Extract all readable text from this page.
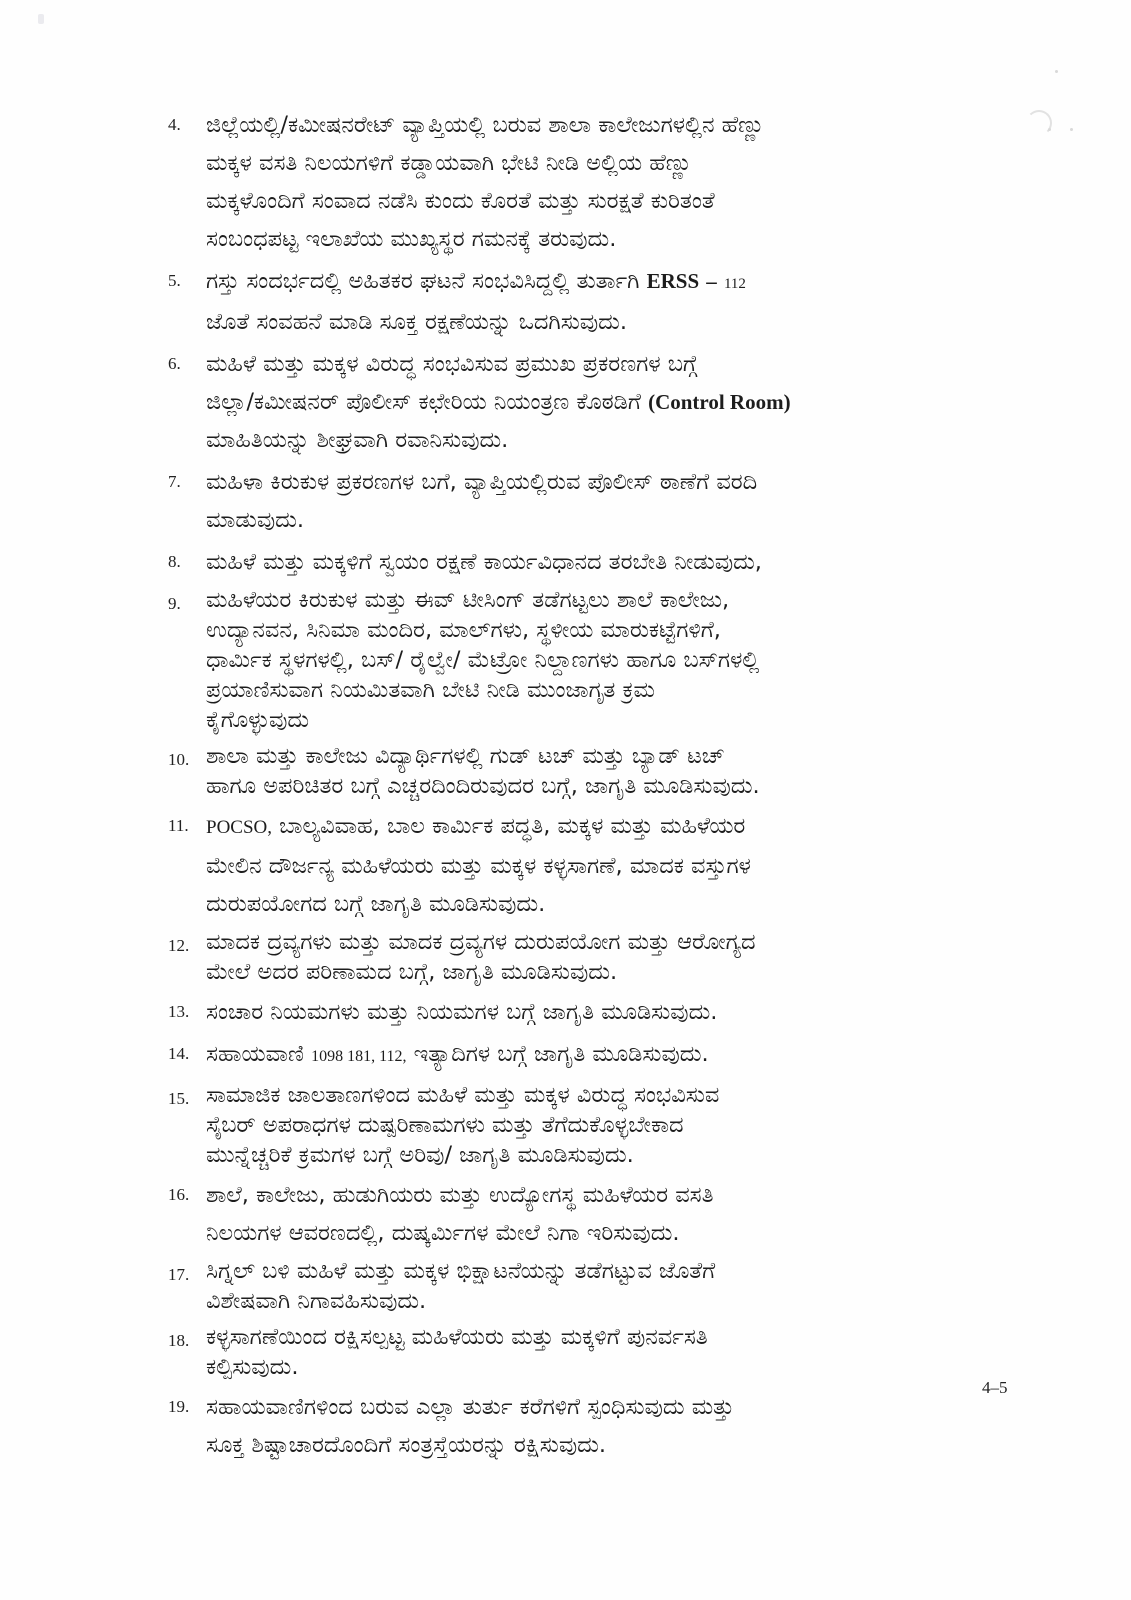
4.	ಜಿಲ್ಲೆಯಲ್ಲಿ/ಕಮೀಷನರೇಟ್ ವ್ಯಾಪ್ತಿಯಲ್ಲಿ ಬರುವ ಶಾಲಾ ಕಾಲೇಜುಗಳಲ್ಲಿನ ಹೆಣ್ಣು
ಮಕ್ಕಳ ವಸತಿ ನಿಲಯಗಳಿಗೆ ಕಡ್ಡಾಯವಾಗಿ ಭೇಟಿ ನೀಡಿ ಅಲ್ಲಿಯ ಹೆಣ್ಣು
ಮಕ್ಕಳೊಂದಿಗೆ ಸಂವಾದ ನಡೆಸಿ ಕುಂದು ಕೊರತೆ ಮತ್ತು ಸುರಕ್ಷತೆ ಕುರಿತಂತೆ
ಸಂಬಂಧಪಟ್ಟ ಇಲಾಖೆಯ ಮುಖ್ಯಸ್ಥರ ಗಮನಕ್ಕೆ ತರುವುದು.
5.	ಗಸ್ತು ಸಂದರ್ಭದಲ್ಲಿ ಅಹಿತಕರ ಘಟನೆ ಸಂಭವಿಸಿದ್ದಲ್ಲಿ ತುರ್ತಾಗಿ ERSS – 112
ಜೊತೆ ಸಂವಹನೆ ಮಾಡಿ ಸೂಕ್ತ ರಕ್ಷಣೆಯನ್ನು ಒದಗಿಸುವುದು.
6.	ಮಹಿಳೆ ಮತ್ತು ಮಕ್ಕಳ ವಿರುದ್ಧ ಸಂಭವಿಸುವ ಪ್ರಮುಖ ಪ್ರಕರಣಗಳ ಬಗ್ಗೆ
ಜಿಲ್ಲಾ/ಕಮೀಷನರ್ ಪೊಲೀಸ್ ಕಛೇರಿಯ ನಿಯಂತ್ರಣ ಕೊಠಡಿಗೆ (Control Room)
ಮಾಹಿತಿಯನ್ನು ಶೀಘ್ರವಾಗಿ ರವಾನಿಸುವುದು.
7.	ಮಹಿಳಾ ಕಿರುಕುಳ ಪ್ರಕರಣಗಳ ಬಗೆ, ವ್ಯಾಪ್ತಿಯಲ್ಲಿರುವ ಪೊಲೀಸ್ ಠಾಣೆಗೆ ವರದಿ
ಮಾಡುವುದು.
8.	ಮಹಿಳೆ ಮತ್ತು ಮಕ್ಕಳಿಗೆ ಸ್ವಯಂ ರಕ್ಷಣೆ ಕಾರ್ಯವಿಧಾನದ ತರಬೇತಿ ನೀಡುವುದು,
9.	ಮಹಿಳೆಯರ ಕಿರುಕುಳ ಮತ್ತು ಈವ್ ಟೀಸಿಂಗ್ ತಡೆಗಟ್ಟಲು ಶಾಲೆ ಕಾಲೇಜು,
ಉದ್ಯಾನವನ, ಸಿನಿಮಾ ಮಂದಿರ, ಮಾಲ್‌ಗಳು, ಸ್ಥಳೀಯ ಮಾರುಕಟ್ಟೆಗಳಿಗೆ,
ಧಾರ್ಮಿಕ ಸ್ಥಳಗಳಲ್ಲಿ, ಬಸ್/ ರೈಲ್ವೇ/ ಮೆಟ್ರೋ ನಿಲ್ದಾಣಗಳು ಹಾಗೂ ಬಸ್‌ಗಳಲ್ಲಿ
ಪ್ರಯಾಣಿಸುವಾಗ ನಿಯಮಿತವಾಗಿ ಬೇಟಿ ನೀಡಿ ಮುಂಜಾಗೃತ ಕ್ರಮ
ಕೈಗೊಳ್ಳುವುದು
10. ಶಾಲಾ ಮತ್ತು ಕಾಲೇಜು ವಿದ್ಯಾರ್ಥಿಗಳಲ್ಲಿ ಗುಡ್ ಟಚ್ ಮತ್ತು ಬ್ಯಾಡ್ ಟಚ್
ಹಾಗೂ ಅಪರಿಚಿತರ ಬಗ್ಗೆ ಎಚ್ಚರದಿಂದಿರುವುದರ ಬಗ್ಗೆ, ಜಾಗೃತಿ ಮೂಡಿಸುವುದು.
11. POCSO, ಬಾಲ್ಯವಿವಾಹ, ಬಾಲ ಕಾರ್ಮಿಕ ಪದ್ಧತಿ, ಮಕ್ಕಳ ಮತ್ತು ಮಹಿಳೆಯರ
ಮೇಲಿನ ದೌರ್ಜನ್ಯ ಮಹಿಳೆಯರು ಮತ್ತು ಮಕ್ಕಳ ಕಳ್ಳಸಾಗಣೆ, ಮಾದಕ ವಸ್ತುಗಳ
ದುರುಪಯೋಗದ ಬಗ್ಗೆ ಜಾಗೃತಿ ಮೂಡಿಸುವುದು.
12. ಮಾದಕ ದ್ರವ್ಯಗಳು ಮತ್ತು ಮಾದಕ ದ್ರವ್ಯಗಳ ದುರುಪಯೋಗ ಮತ್ತು ಆರೋಗ್ಯದ
ಮೇಲೆ ಅದರ ಪರಿಣಾಮದ ಬಗ್ಗೆ, ಜಾಗೃತಿ ಮೂಡಿಸುವುದು.
13. ಸಂಚಾರ ನಿಯಮಗಳು ಮತ್ತು ನಿಯಮಗಳ ಬಗ್ಗೆ ಜಾಗೃತಿ ಮೂಡಿಸುವುದು.
14. ಸಹಾಯವಾಣಿ 1098 181, 112, ಇತ್ಯಾದಿಗಳ ಬಗ್ಗೆ ಜಾಗೃತಿ ಮೂಡಿಸುವುದು.
15. ಸಾಮಾಜಿಕ ಜಾಲತಾಣಗಳಿಂದ ಮಹಿಳೆ ಮತ್ತು ಮಕ್ಕಳ ವಿರುದ್ಧ ಸಂಭವಿಸುವ
ಸೈಬರ್ ಅಪರಾಧಗಳ ದುಷ್ಪರಿಣಾಮಗಳು ಮತ್ತು ತೆಗೆದುಕೊಳ್ಳಬೇಕಾದ
ಮುನ್ನೆಚ್ಚರಿಕೆ ಕ್ರಮಗಳ ಬಗ್ಗೆ ಅರಿವು/ ಜಾಗೃತಿ ಮೂಡಿಸುವುದು.
16. ಶಾಲೆ, ಕಾಲೇಜು, ಹುಡುಗಿಯರು ಮತ್ತು ಉದ್ಯೋಗಸ್ಥ ಮಹಿಳೆಯರ ವಸತಿ
ನಿಲಯಗಳ ಆವರಣದಲ್ಲಿ, ದುಷ್ಕರ್ಮಿಗಳ ಮೇಲೆ ನಿಗಾ ಇರಿಸುವುದು.
17. ಸಿಗ್ನಲ್ ಬಳಿ ಮಹಿಳೆ ಮತ್ತು ಮಕ್ಕಳ ಭಿಕ್ಷಾಟನೆಯನ್ನು ತಡೆಗಟ್ಟುವ ಜೊತೆಗೆ
ವಿಶೇಷವಾಗಿ ನಿಗಾವಹಿಸುವುದು.
18. ಕಳ್ಳಸಾಗಣೆಯಿಂದ ರಕ್ಷಿಸಲ್ಪಟ್ಟ ಮಹಿಳೆಯರು ಮತ್ತು ಮಕ್ಕಳಿಗೆ ಪುನರ್ವಸತಿ
ಕಲ್ಪಿಸುವುದು.
19. ಸಹಾಯವಾಣಿಗಳಿಂದ ಬರುವ ಎಲ್ಲಾ ತುರ್ತು ಕರೆಗಳಿಗೆ ಸ್ಪಂಧಿಸುವುದು ಮತ್ತು
ಸೂಕ್ತ ಶಿಷ್ಟಾಚಾರದೊಂದಿಗೆ ಸಂತ್ರಸ್ತೆಯರನ್ನು ರಕ್ಷಿಸುವುದು.
4–5
